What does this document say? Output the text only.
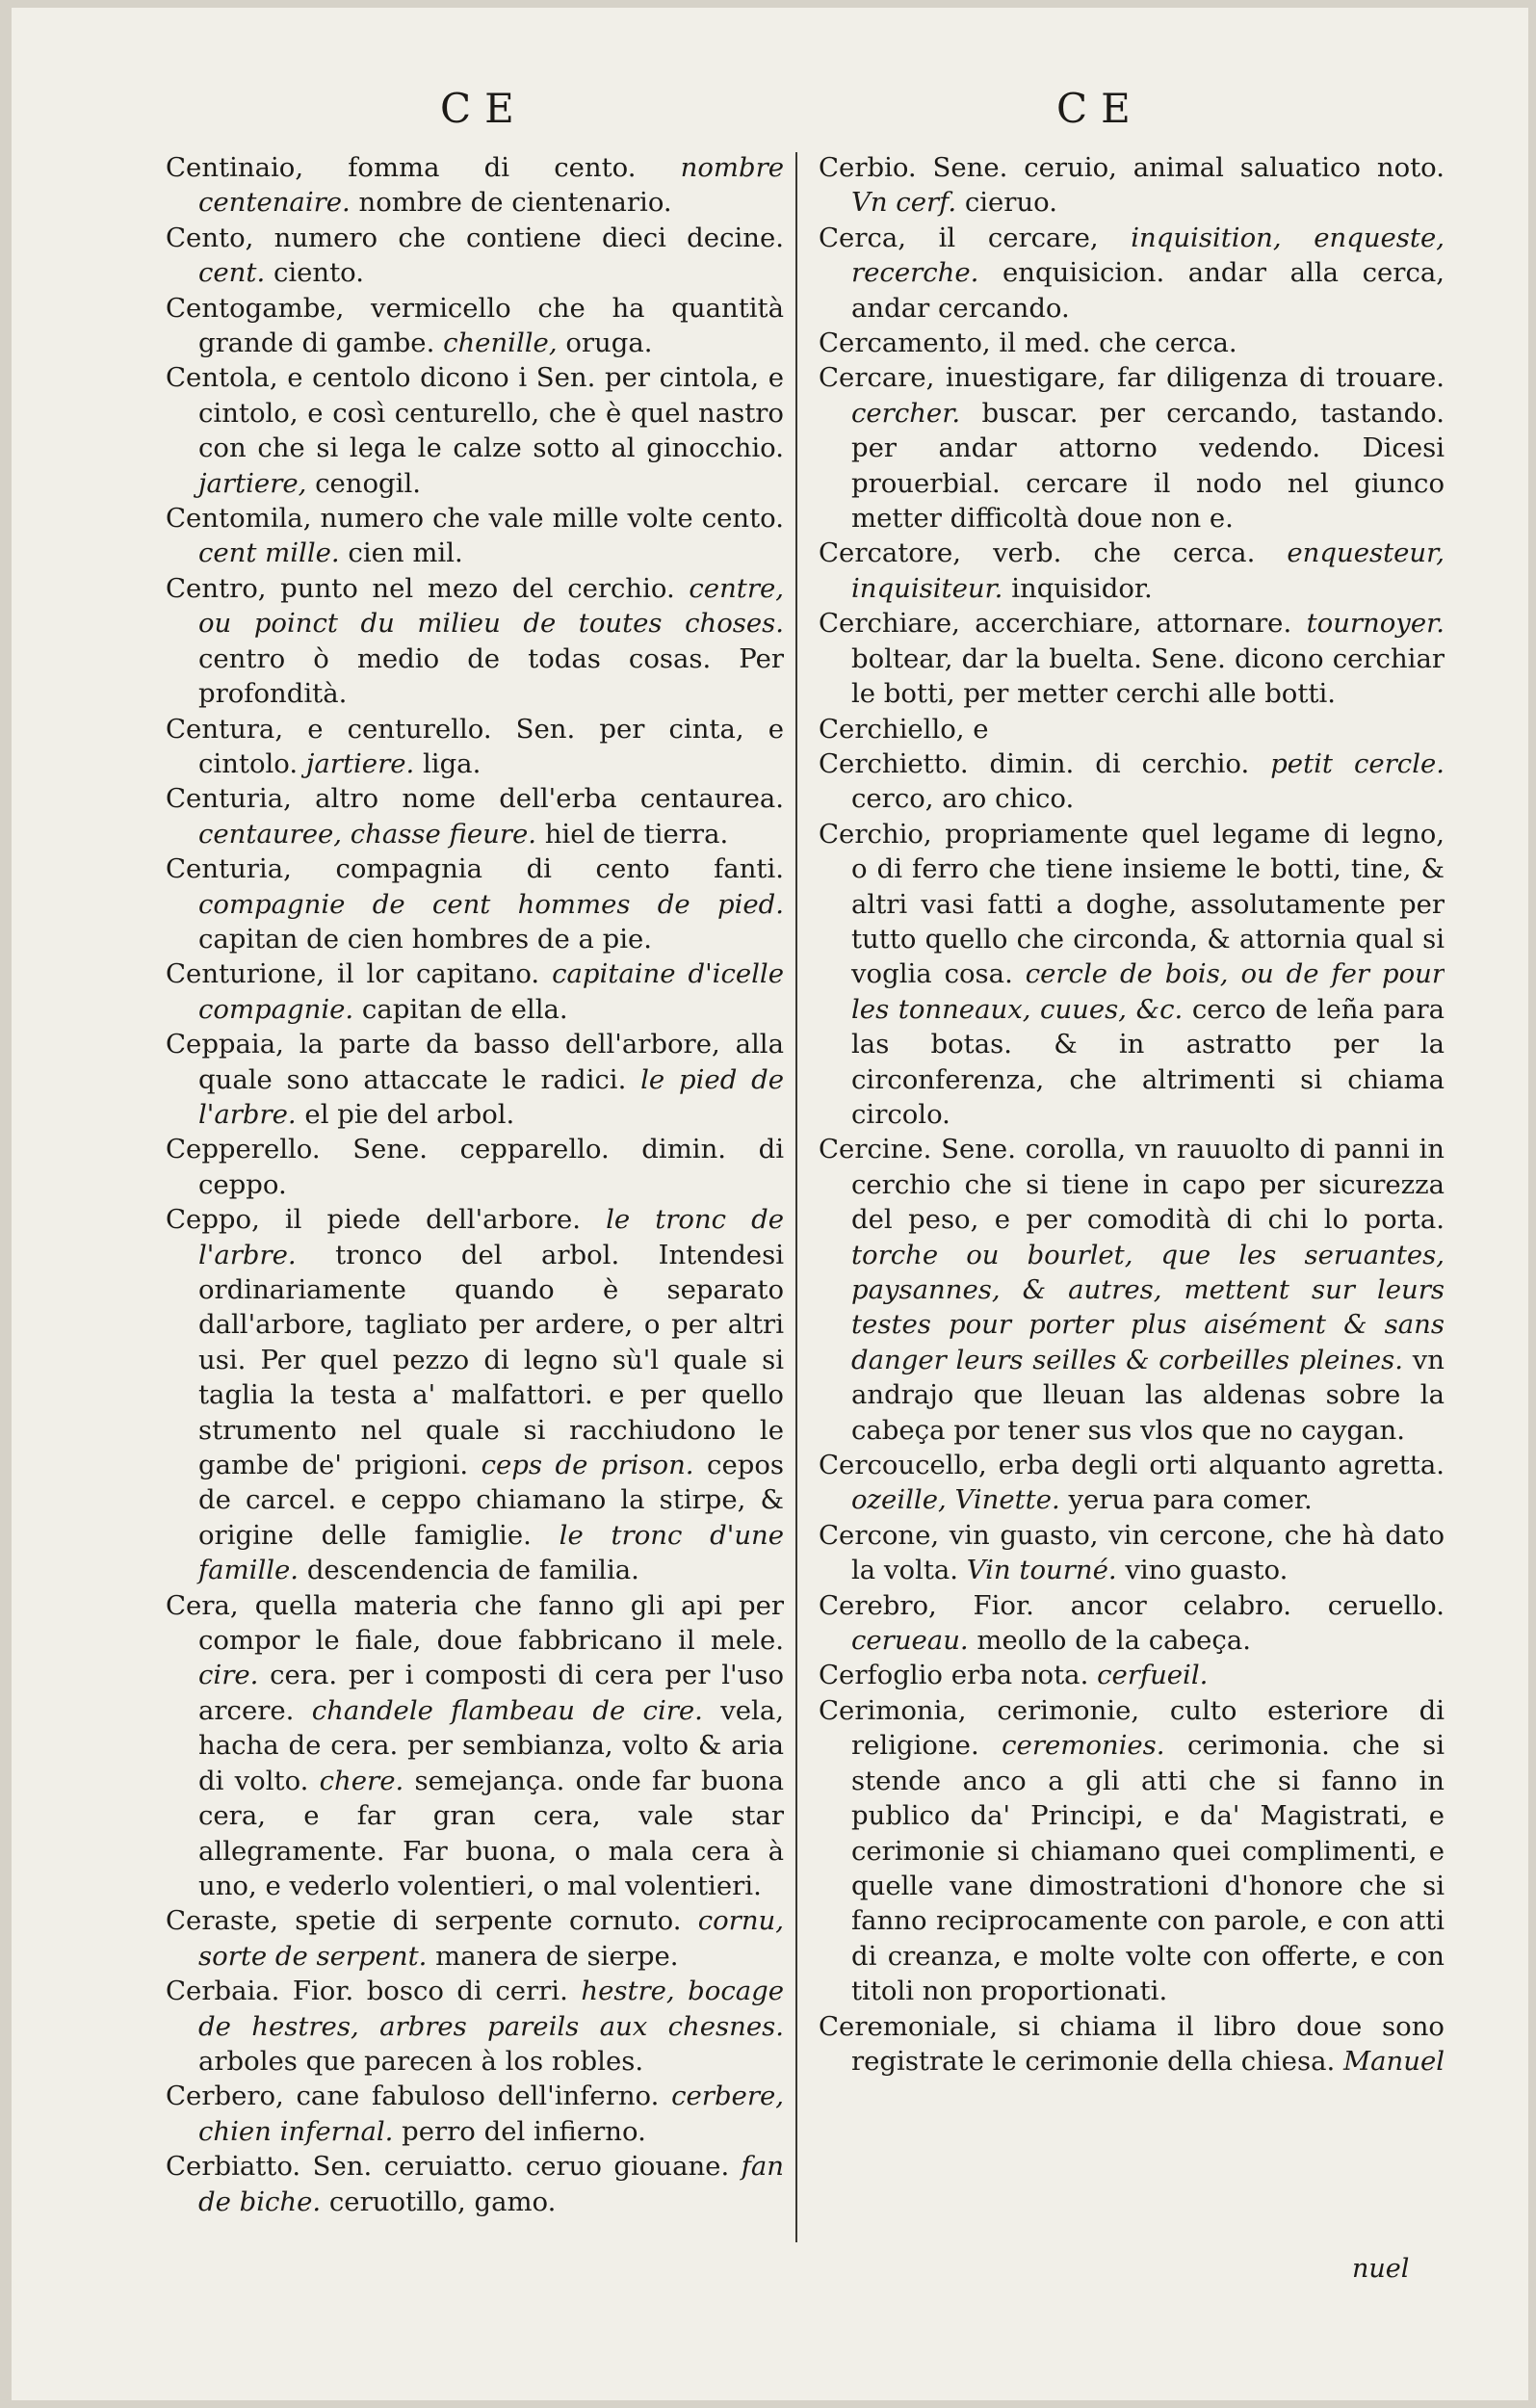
CE	CE

Centinaio, fomma di cento. nombre centenaire. nombre de cientenario.

Cento, numero che contiene dieci decine. cent. ciento.

Centogambe, vermicello che ha quantità grande di gambe. chenille, oruga.

Centola, e centolo dicono i Sen. per cintola, e cintolo, e così centurello, che è quel nastro con che si lega le calze sotto al ginocchio. jartiere, cenogil.

Centomila, numero che vale mille volte cento. cent mille. cien mil.

Centro, punto nel mezo del cerchio. centre, ou poinct du milieu de toutes choses. centro ò medio de todas cosas. Per profondità.

Centura, e centurello. Sen. per cinta, e cintolo. jartiere. liga.

Centuria, altro nome dell'erba centaurea. centauree, chasse fieure. hiel de tierra.

Centuria, compagnia di cento fanti. compagnie de cent hommes de pied. capitan de cien hombres de a pie.

Centurione, il lor capitano. capitaine d'icelle compagnie. capitan de ella.

Ceppaia, la parte da basso dell'arbore, alla quale sono attaccate le radici. le pied de l'arbre. el pie del arbol.

Cepperello. Sene. cepparello. dimin. di ceppo.

Ceppo, il piede dell'arbore. le tronc de l'arbre. tronco del arbol. Intendesi ordinariamente quando è separato dall'arbore, tagliato per ardere, o per altri usi. Per quel pezzo di legno sù'l quale si taglia la testa a' malfattori. e per quello strumento nel quale si racchiudono le gambe de' prigioni. ceps de prison. cepos de carcel. e ceppo chiamano la stirpe, & origine delle famiglie. le tronc d'une famille. descendencia de familia.

Cera, quella materia che fanno gli api per compor le fiale, doue fabbricano il mele. cire. cera. per i composti di cera per l'uso arcere. chandele flambeau de cire. vela, hacha de cera. per sembianza, volto & aria di volto. chere. semejança. onde far buona cera, e far gran cera, vale star allegramente. Far buona, o mala cera à uno, e vederlo volentieri, o mal volentieri.

Ceraste, spetie di serpente cornuto. cornu, sorte de serpent. manera de sierpe.

Cerbaia. Fior. bosco di cerri. hestre, bocage de hestres, arbres pareils aux chesnes. arboles que parecen à los robles.

Cerbero, cane fabuloso dell'inferno. cerbere, chien infernal. perro del infierno.

Cerbiatto. Sen. ceruiatto. ceruo giouane. fan de biche. ceruotillo, gamo.

Cerbio. Sene. ceruio, animal saluatico noto. Vn cerf. cieruo.

Cerca, il cercare, inquisition, enqueste, recerche. enquisicion. andar alla cerca, andar cercando.

Cercamento, il med. che cerca.

Cercare, inuestigare, far diligenza di trouare. cercher. buscar. per cercando, tastando. per andar attorno vedendo. Dicesi prouerbial. cercare il nodo nel giunco metter difficoltà doue non e.

Cercatore, verb. che cerca. enquesteur, inquisiteur. inquisidor.

Cerchiare, accerchiare, attornare. tournoyer. boltear, dar la buelta. Sene. dicono cerchiar le botti, per metter cerchi alle botti.

Cerchiello, e

Cerchietto. dimin. di cerchio. petit cercle. cerco, aro chico.

Cerchio, propriamente quel legame di legno, o di ferro che tiene insieme le botti, tine, & altri vasi fatti a doghe, assolutamente per tutto quello che circonda, & attornia qual si voglia cosa. cercle de bois, ou de fer pour les tonneaux, cuues, &c. cerco de leña para las botas. & in astratto per la circonferenza, che altrimenti si chiama circolo.

Cercine. Sene. corolla, vn rauuolto di panni in cerchio che si tiene in capo per sicurezza del peso, e per comodità di chi lo porta. torche ou bourlet, que les seruantes, paysannes, & autres, mettent sur leurs testes pour porter plus aisément & sans danger leurs seilles & corbeilles pleines. vn andrajo que lleuan las aldenas sobre la cabeça por tener sus vlos que no caygan.

Cercoucello, erba degli orti alquanto agretta. ozeille, Vinette. yerua para comer.

Cercone, vin guasto, vin cercone, che hà dato la volta. Vin tourné. vino guasto.

Cerebro, Fior. ancor celabro. ceruello. cerueau. meollo de la cabeça.

Cerfoglio erba nota. cerfueil.

Cerimonia, cerimonie, culto esteriore di religione. ceremonies. cerimonia. che si stende anco a gli atti che si fanno in publico da' Principi, e da' Magistrati, e cerimonie si chiamano quei complimenti, e quelle vane dimostrationi d'honore che si fanno reciprocamente con parole, e con atti di creanza, e molte volte con offerte, e con titoli non proportionati.

Ceremoniale, si chiama il libro doue sono registrate le cerimonie della chiesa. Manuel

nuel
